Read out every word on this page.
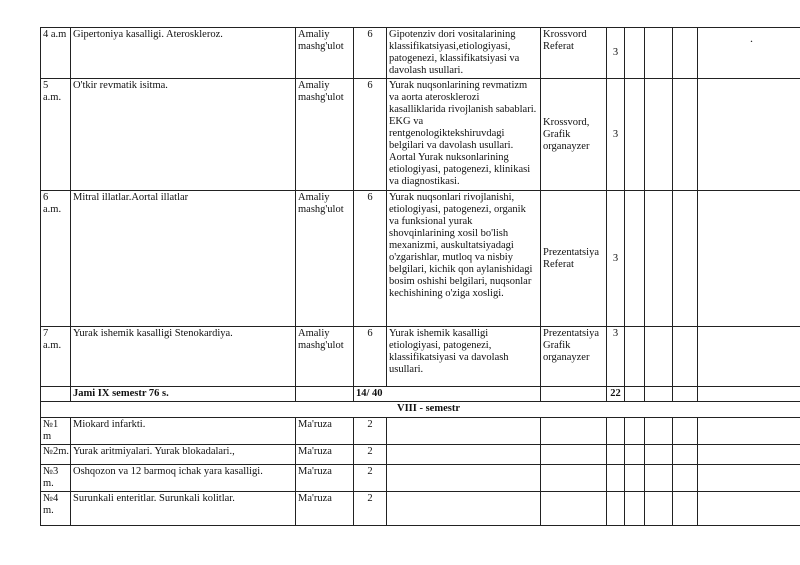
4 a.m	Gipertoniya kasalligi. Ateroskleroz.	Amaliy mashg'ulot	6	Gipotenziv dori vositalarining klassifikatsiyasi,etiologiyasi, patogenezi, klassifikatsiyasi va davolash usullari.	Krossvord Referat	3				
5 a.m.	O'tkir revmatik isitma.	Amaliy mashg'ulot	6	Yurak nuqsonlarining revmatizm va aorta aterosklerozi kasalliklarida rivojlanish sabablari. EKG va rentgenologiktekshiruvdagi belgilari va davolash usullari. Aortal Yurak nuksonlarining etiologiyasi, patogenezi, klinikasi va diagnostikasi.	Krossvord, Grafik organayzer	3				
6 a.m.	Mitral illatlar.Aortal illatlar	Amaliy mashg'ulot	6	Yurak nuqsonlari rivojlanishi, etiologiyasi, patogenezi, organik va funksional yurak shovqinlarining xosil bo'lish mexanizmi, auskultatsiyadagi o'zgarishlar, mutloq va nisbiy belgilari, kichik qon aylanishidagi bosim oshishi belgilari, nuqsonlar kechishining o'ziga xosligi.	Prezentatsiya Referat	3				
7 a.m.	Yurak ishemik kasalligi Stenokardiya.	Amaliy mashg'ulot	6	Yurak ishemik kasalligi etiologiyasi, patogenezi, klassifikatsiyasi va davolash usullari.	Prezentatsiya Grafik organayzer	3				
	Jami IX semestr 76 s.		14/ 40			22				
VIII - semestr										
№1 m	Miokard infarkti.	Ma'ruza	2							
№2m.	Yurak aritmiyalari. Yurak blokadalari.,	Ma'ruza	2							
№3 m.	Oshqozon va 12 barmoq ichak yara kasalligi.	Ma'ruza	2							
№4 m.	Surunkali enteritlar. Surunkali kolitlar.	Ma'ruza	2							
.
